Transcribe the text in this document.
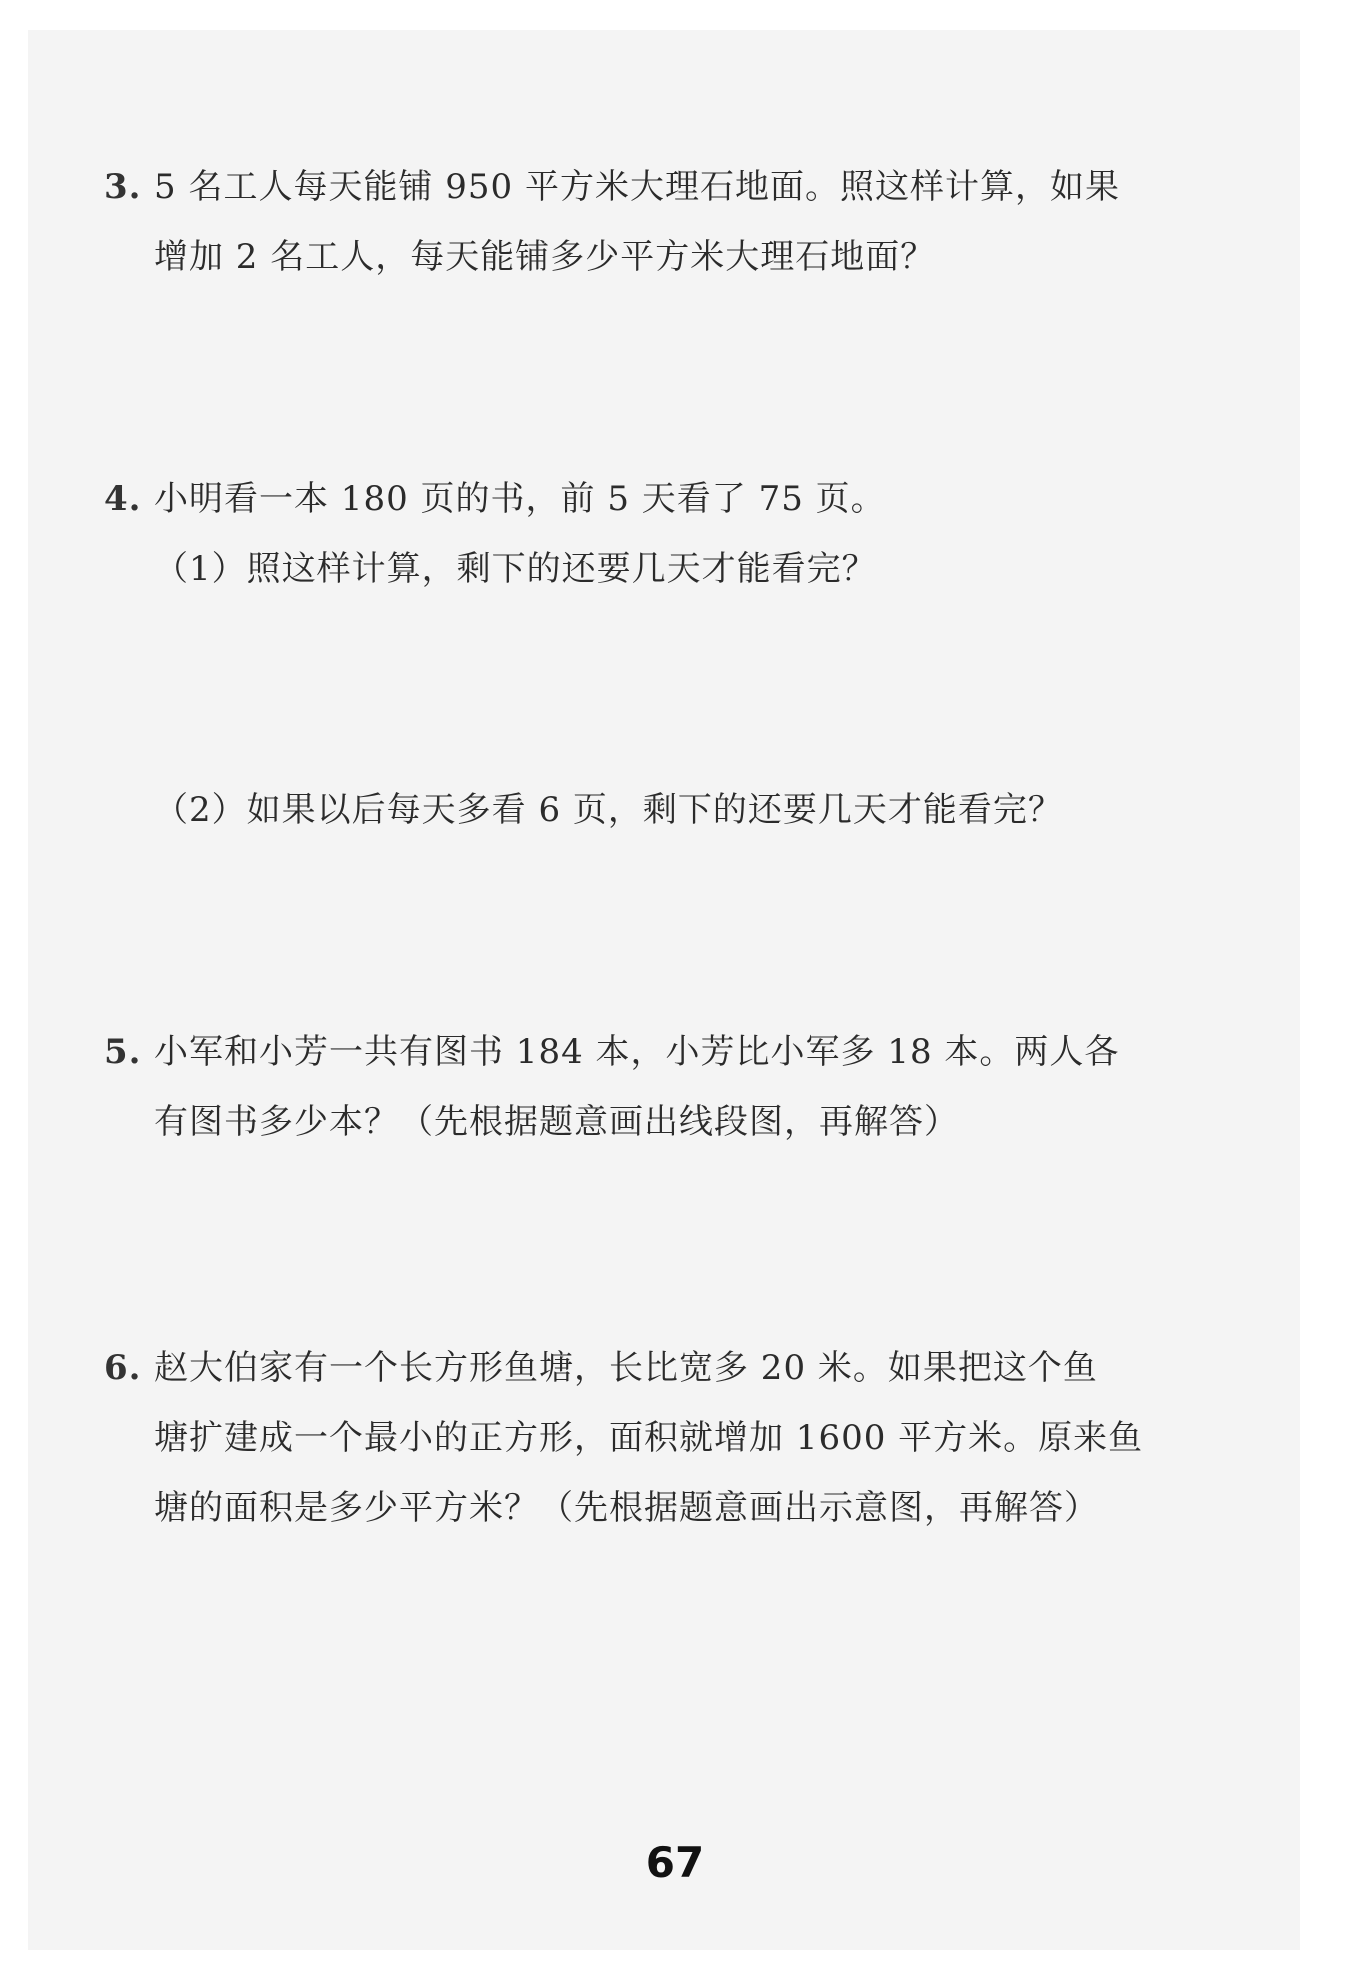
3. 5 名工人每天能铺 950 平方米大理石地面。照这样计算，如果
增加 2 名工人，每天能铺多少平方米大理石地面？
4. 小明看一本 180 页的书，前 5 天看了 75 页。
（1）照这样计算，剩下的还要几天才能看完？
（2）如果以后每天多看 6 页，剩下的还要几天才能看完？
5. 小军和小芳一共有图书 184 本，小芳比小军多 18 本。两人各
有图书多少本？（先根据题意画出线段图，再解答）
6. 赵大伯家有一个长方形鱼塘，长比宽多 20 米。如果把这个鱼
塘扩建成一个最小的正方形，面积就增加 1600 平方米。原来鱼
塘的面积是多少平方米？（先根据题意画出示意图，再解答）
67
